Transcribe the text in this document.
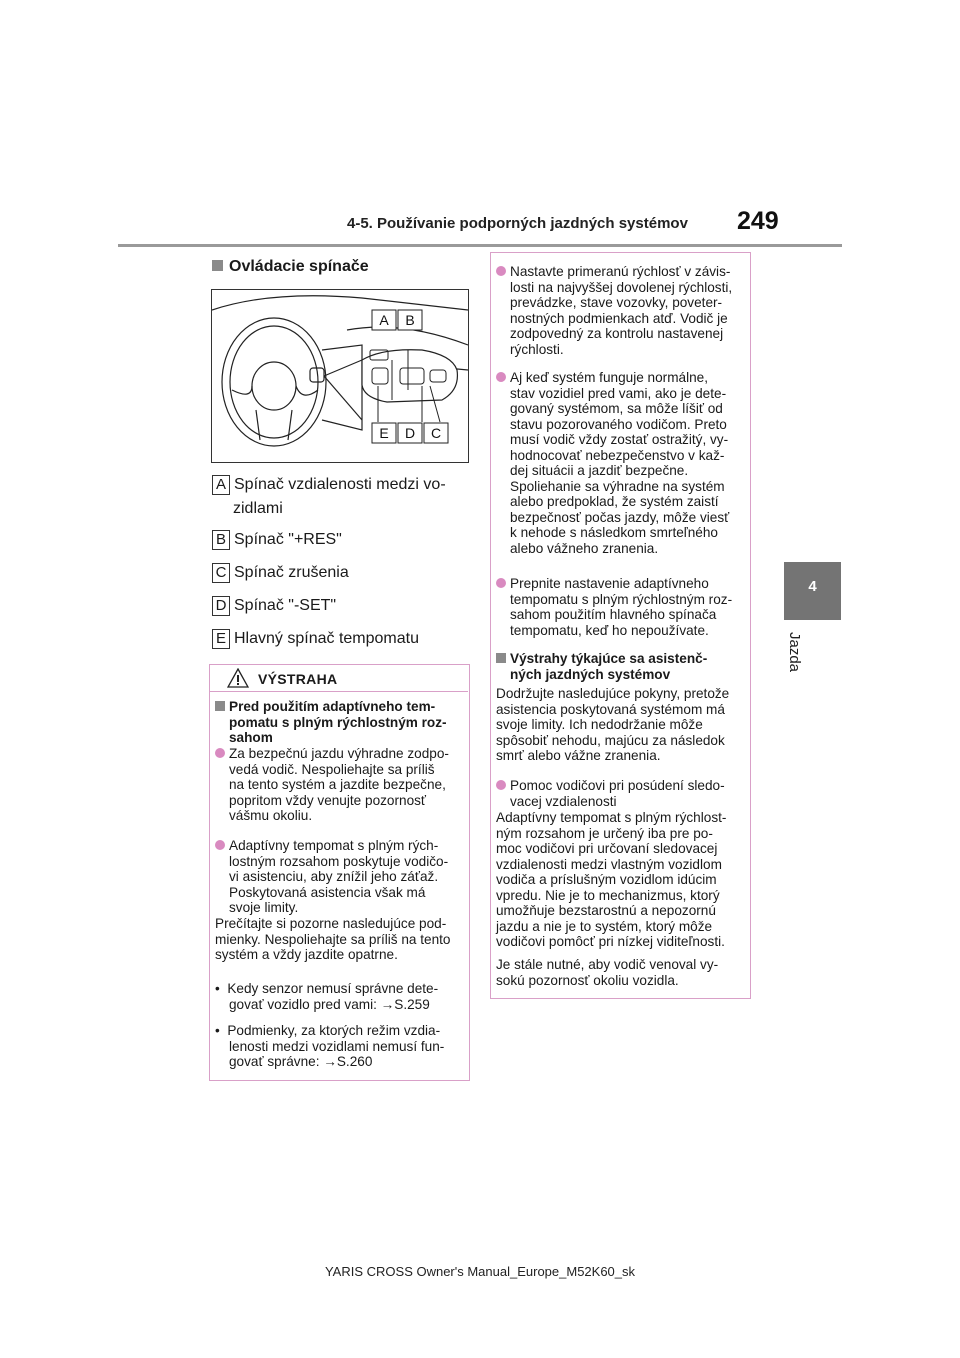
4-5. Používanie podporných jazdných systémov 249
4
Jazda
Ovládacie spínače
A B
E D C
A Spínač vzdialenosti medzi vo-
zidlami
B Spínač "+RES"
C Spínač zrušenia
D Spínač "-SET"
E Hlavný spínač tempomatu
VÝSTRAHA
Pred použitím adaptívneho tem-
pomatu s plným rýchlostným roz-
sahom
Za bezpečnú jazdu výhradne zodpo-
vedá vodič. Nespoliehajte sa príliš
na tento systém a jazdite bezpečne,
popritom vždy venujte pozornosť
vášmu okoliu.
Adaptívny tempomat s plným rých-
lostným rozsahom poskytuje vodičo-
vi asistenciu, aby znížil jeho záťaž.
Poskytovaná asistencia však má
svoje limity.
Prečítajte si pozorne nasledujúce pod-
mienky. Nespoliehajte sa príliš na tento
systém a vždy jazdite opatrne.
•  Kedy senzor nemusí správne dete-
govať vozidlo pred vami: →S.259
•  Podmienky, za ktorých režim vzdia-
lenosti medzi vozidlami nemusí fun-
govať správne: →S.260
Nastavte primeranú rýchlosť v závis-
losti na najvyššej dovolenej rýchlosti,
prevádzke, stave vozovky, poveter-
nostných podmienkach atď. Vodič je
zodpovedný za kontrolu nastavenej
rýchlosti.
Aj keď systém funguje normálne,
stav vozidiel pred vami, ako je dete-
govaný systémom, sa môže líšiť od
stavu pozorovaného vodičom. Preto
musí vodič vždy zostať ostražitý, vy-
hodnocovať nebezpečenstvo v kaž-
dej situácii a jazdiť bezpečne.
Spoliehanie sa výhradne na systém
alebo predpoklad, že systém zaistí
bezpečnosť počas jazdy, môže viesť
k nehode s následkom smrteľného
alebo vážneho zranenia.
Prepnite nastavenie adaptívneho
tempomatu s plným rýchlostným roz-
sahom použitím hlavného spínača
tempomatu, keď ho nepoužívate.
Výstrahy týkajúce sa asistenč-
ných jazdných systémov
Dodržujte nasledujúce pokyny, pretože
asistencia poskytovaná systémom má
svoje limity. Ich nedodržanie môže
spôsobiť nehodu, majúcu za následok
smrť alebo vážne zranenia.
Pomoc vodičovi pri posúdení sledo-
vacej vzdialenosti
Adaptívny tempomat s plným rýchlost-
ným rozsahom je určený iba pre po-
moc vodičovi pri určovaní sledovacej
vzdialenosti medzi vlastným vozidlom
vodiča a príslušným vozidlom idúcim
vpredu. Nie je to mechanizmus, ktorý
umožňuje bezstarostnú a nepozornú
jazdu a nie je to systém, ktorý môže
vodičovi pomôcť pri nízkej viditeľnosti.
Je stále nutné, aby vodič venoval vy-
sokú pozornosť okoliu vozidla.
YARIS CROSS Owner's Manual_Europe_M52K60_sk
